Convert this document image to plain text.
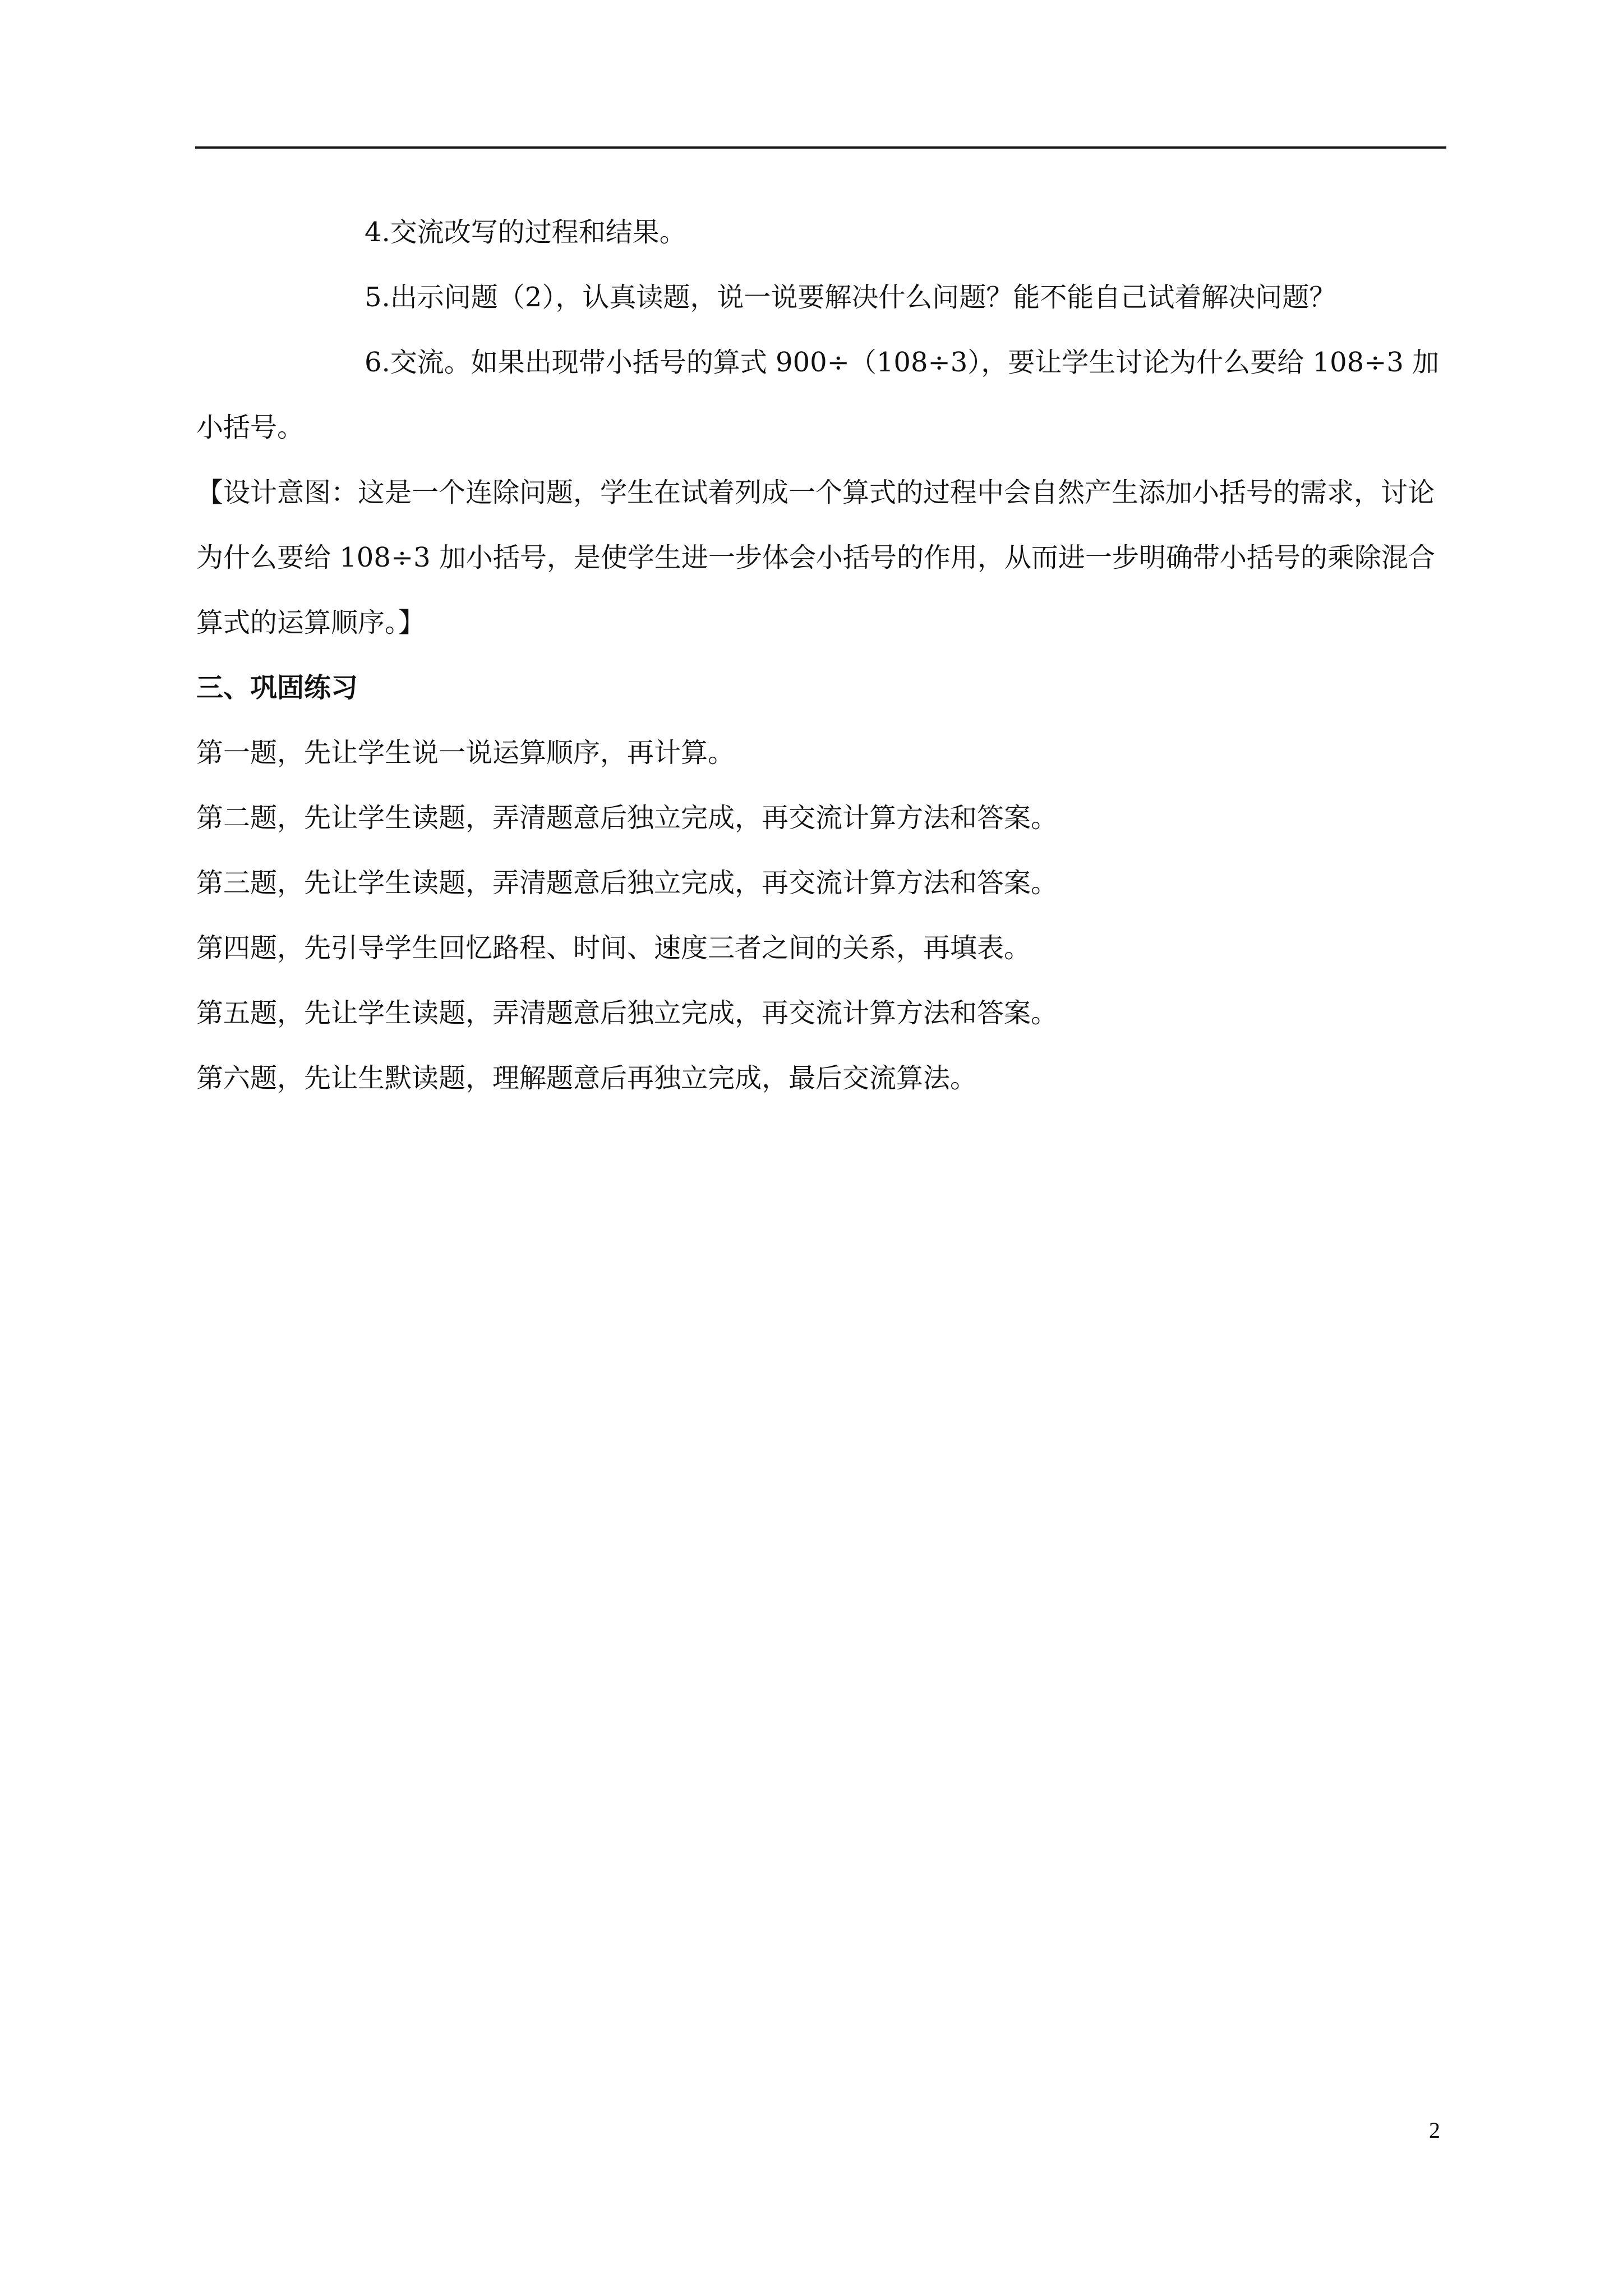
4.交流改写的过程和结果。

5.出示问题（2），认真读题，说一说要解决什么问题？能不能自己试着解决问题？

6.交流。如果出现带小括号的算式 900÷（108÷3），要让学生讨论为什么要给 108÷3 加小括号。

【设计意图：这是一个连除问题，学生在试着列成一个算式的过程中会自然产生添加小括号的需求，讨论为什么要给 108÷3 加小括号，是使学生进一步体会小括号的作用，从而进一步明确带小括号的乘除混合算式的运算顺序。】

三、巩固练习

第一题，先让学生说一说运算顺序，再计算。

第二题，先让学生读题，弄清题意后独立完成，再交流计算方法和答案。

第三题，先让学生读题，弄清题意后独立完成，再交流计算方法和答案。

第四题，先引导学生回忆路程、时间、速度三者之间的关系，再填表。

第五题，先让学生读题，弄清题意后独立完成，再交流计算方法和答案。

第六题，先让生默读题，理解题意后再独立完成，最后交流算法。

2
